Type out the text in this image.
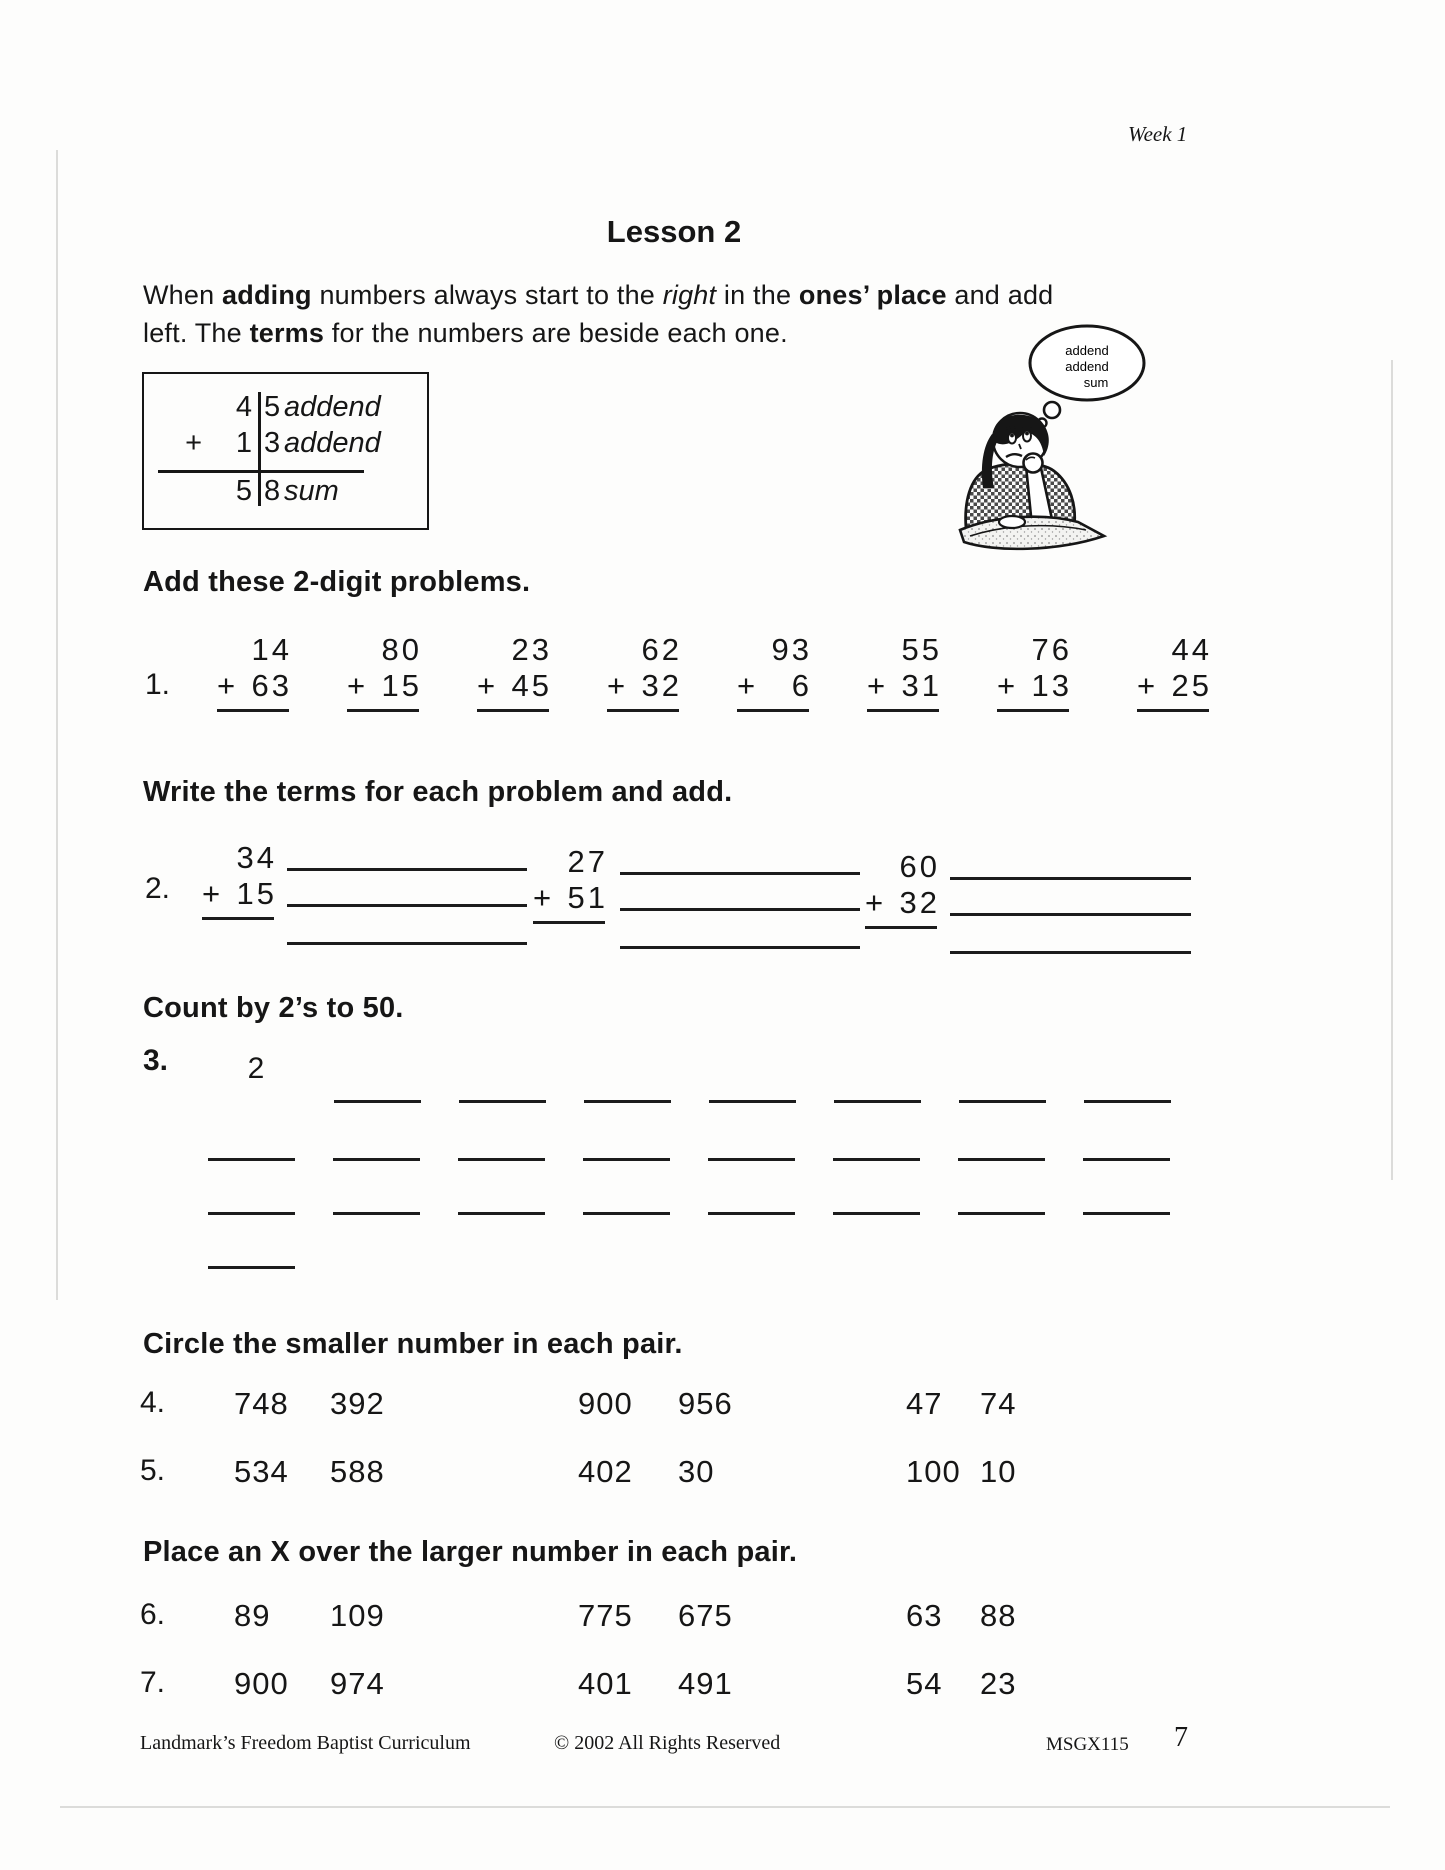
Week 1
Lesson 2
When adding numbers always start to the right in the ones’ place and add
left. The terms for the numbers are beside each one.
4 5 addend
+	1 3 addend
5 8 sum
addend
addend
sum
Add these 2-digit problems.
1.
14
+ 63
80
+ 15
23
+ 45
62
+ 32
93
+ 6
55
+ 31
76
+ 13
44
+ 25
Write the terms for each problem and add.
2.
34
+ 15
27
+ 51
60
+ 32
Count by 2’s to 50.
3.	2
Circle the smaller number in each pair.
4. 748	392	900	956	47	74
5. 534	588	402	30	100 10
Place an X over the larger number in each pair.
6. 89	109	775	675	63	88
7. 900	974	401	491	54	23
Landmark’s Freedom Baptist Curriculum	© 2002 All Rights Reserved	MSGX115 7
